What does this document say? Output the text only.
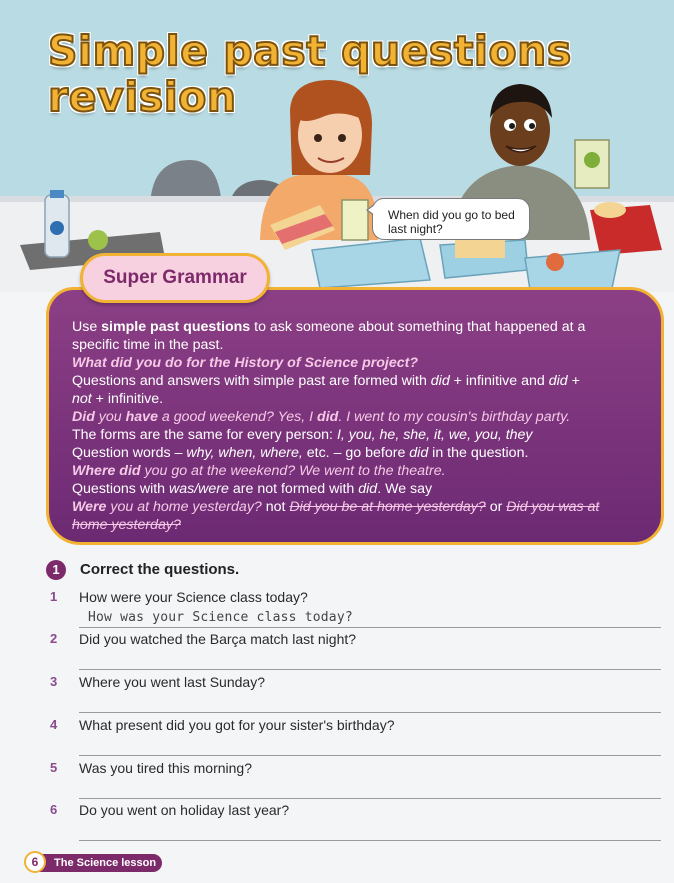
Simple past questions
revision
When did you go to bed
last night?
Super Grammar

Use simple past questions to ask someone about something that happened at a

specific time in the past.

What did you do for the History of Science project?

Questions and answers with simple past are formed with did + infinitive and did +

not + infinitive.

Did you have a good weekend? Yes, I did. I went to my cousin's birthday party.

The forms are the same for every person: I, you, he, she, it, we, you, they

Question words – why, when, where, etc. – go before did in the question.

Where did you go at the weekend? We went to the theatre.

Questions with was/were are not formed with did. We say

Were you at home yesterday? not Did you be at home yesterday? or Did you was at

home yesterday?

1	Correct the questions.
1 How were your Science class today?
How was your Science class today?
2 Did you watched the Barça match last night?
3 Where you went last Sunday?
4 What present did you got for your sister's birthday?
5 Was you tired this morning?
6 Do you went on holiday last year?
6	The Science lesson
